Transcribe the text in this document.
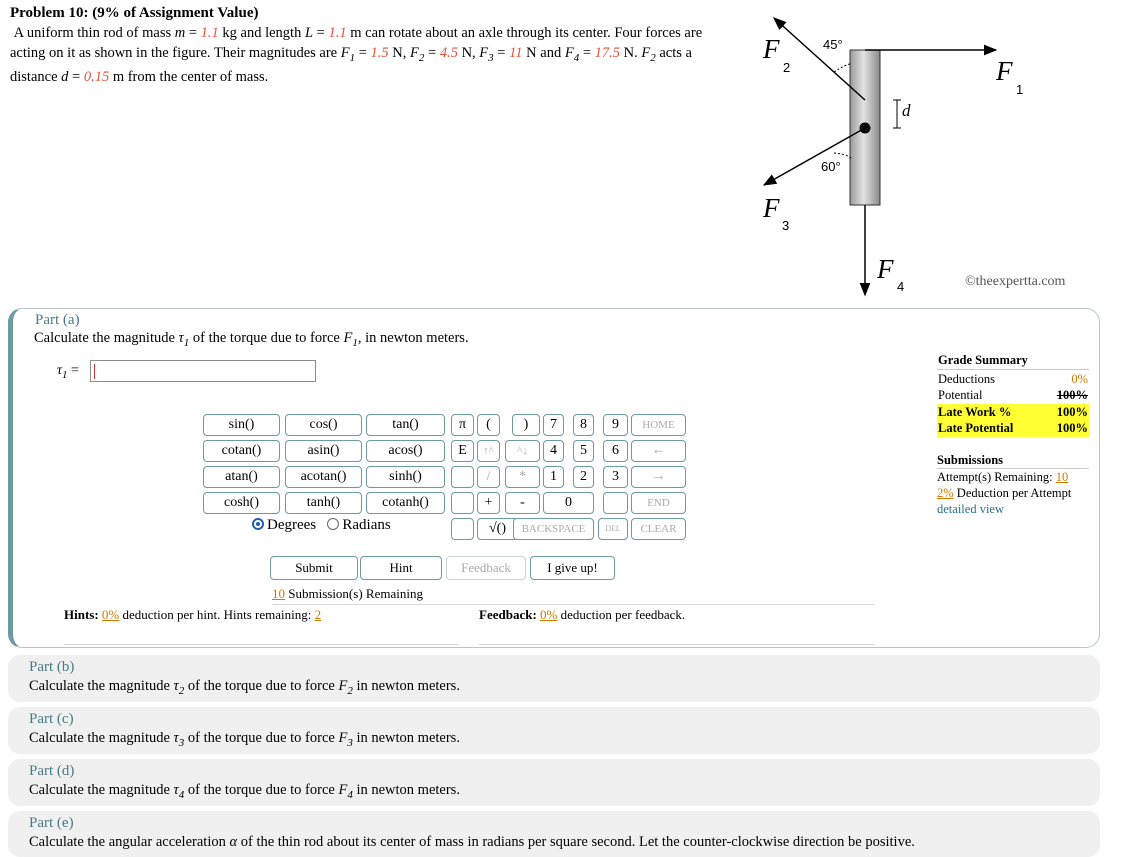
Problem 10: (9% of Assignment Value)
A uniform thin rod of mass m = 1.1 kg and length L = 1.1 m can rotate about an axle through its center. Four forces are acting on it as shown in the figure. Their magnitudes are $F_1 = 1.5$ N, $F_2 = 4.5$ N, $F_3 = 11$ N and $F_4 = 17.5$ N. $F_2$ acts a distance d = 0.15 m from the center of mass.
45°
60°
d
F
2	F
1
F
3
F
4	©theexpertta.com
Part (a)
Calculate the magnitude $\tau_1$ of the torque due to force $F_1$, in newton meters.
$\tau_1$ =
sin()	cos()	tan()
cotan()	asin()	acos()
atan()	acotan()	sinh()
cosh()	tanh()	cotanh()
π	(	)
E	↑^	^↓
/	*
+	-
√()
7	8	9
4	5	6
1	2	3
0
HOME
←
→
END
BACKSPACE	DEL	CLEAR
Degrees Radians
Submit	Hint	Feedback	I give up!
10 Submission(s) Remaining
Hints: 0% deduction per hint. Hints remaining: 2	Feedback: 0% deduction per feedback.
Grade Summary
Deductions	0%
Potential	100%
Late Work %	100%
Late Potential	100%
Submissions
Attempt(s) Remaining: 10
2% Deduction per Attempt
detailed view
Part (b)
Calculate the magnitude $\tau_2$ of the torque due to force $F_2$ in newton meters.
Part (c)
Calculate the magnitude $\tau_3$ of the torque due to force $F_3$ in newton meters.
Part (d)
Calculate the magnitude $\tau_4$ of the torque due to force $F_4$ in newton meters.
Part (e)
Calculate the angular acceleration α of the thin rod about its center of mass in radians per square second. Let the counter-clockwise direction be positive.
